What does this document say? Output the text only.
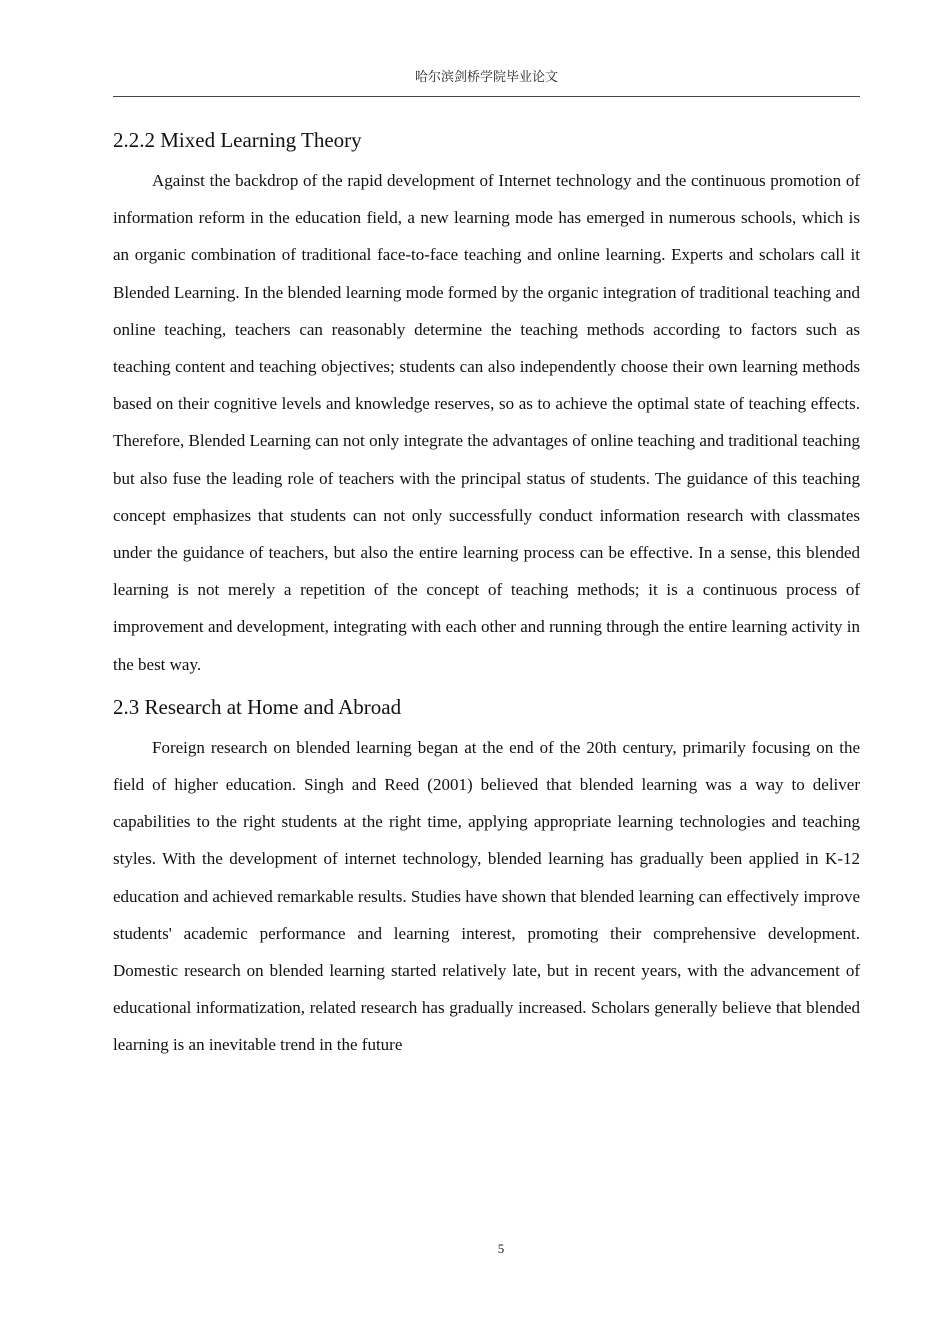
哈尔滨剑桥学院毕业论文
2.2.2 Mixed Learning Theory

Against the backdrop of the rapid development of Internet technology and the continuous promotion of information reform in the education field, a new learning mode has emerged in numerous schools, which is an organic combination of traditional face-to-face teaching and online learning. Experts and scholars call it Blended Learning. In the blended learning mode formed by the organic integration of traditional teaching and online teaching, teachers can reasonably determine the teaching methods according to factors such as teaching content and teaching objectives; students can also independently choose their own learning methods based on their cognitive levels and knowledge reserves, so as to achieve the optimal state of teaching effects. Therefore, Blended Learning can not only integrate the advantages of online teaching and traditional teaching but also fuse the leading role of teachers with the principal status of students. The guidance of this teaching concept emphasizes that students can not only successfully conduct information research with classmates under the guidance of teachers, but also the entire learning process can be effective. In a sense, this blended learning is not merely a repetition of the concept of teaching methods; it is a continuous process of improvement and development, integrating with each other and running through the entire learning activity in the best way.

2.3 Research at Home and Abroad

Foreign research on blended learning began at the end of the 20th century, primarily focusing on the field of higher education. Singh and Reed (2001) believed that blended learning was a way to deliver capabilities to the right students at the right time, applying appropriate learning technologies and teaching styles. With the development of internet technology, blended learning has gradually been applied in K-12 education and achieved remarkable results. Studies have shown that blended learning can effectively improve students' academic performance and learning interest, promoting their comprehensive development. Domestic research on blended learning started relatively late, but in recent years, with the advancement of educational informatization, related research has gradually increased. Scholars generally believe that blended learning is an inevitable trend in the future

5
